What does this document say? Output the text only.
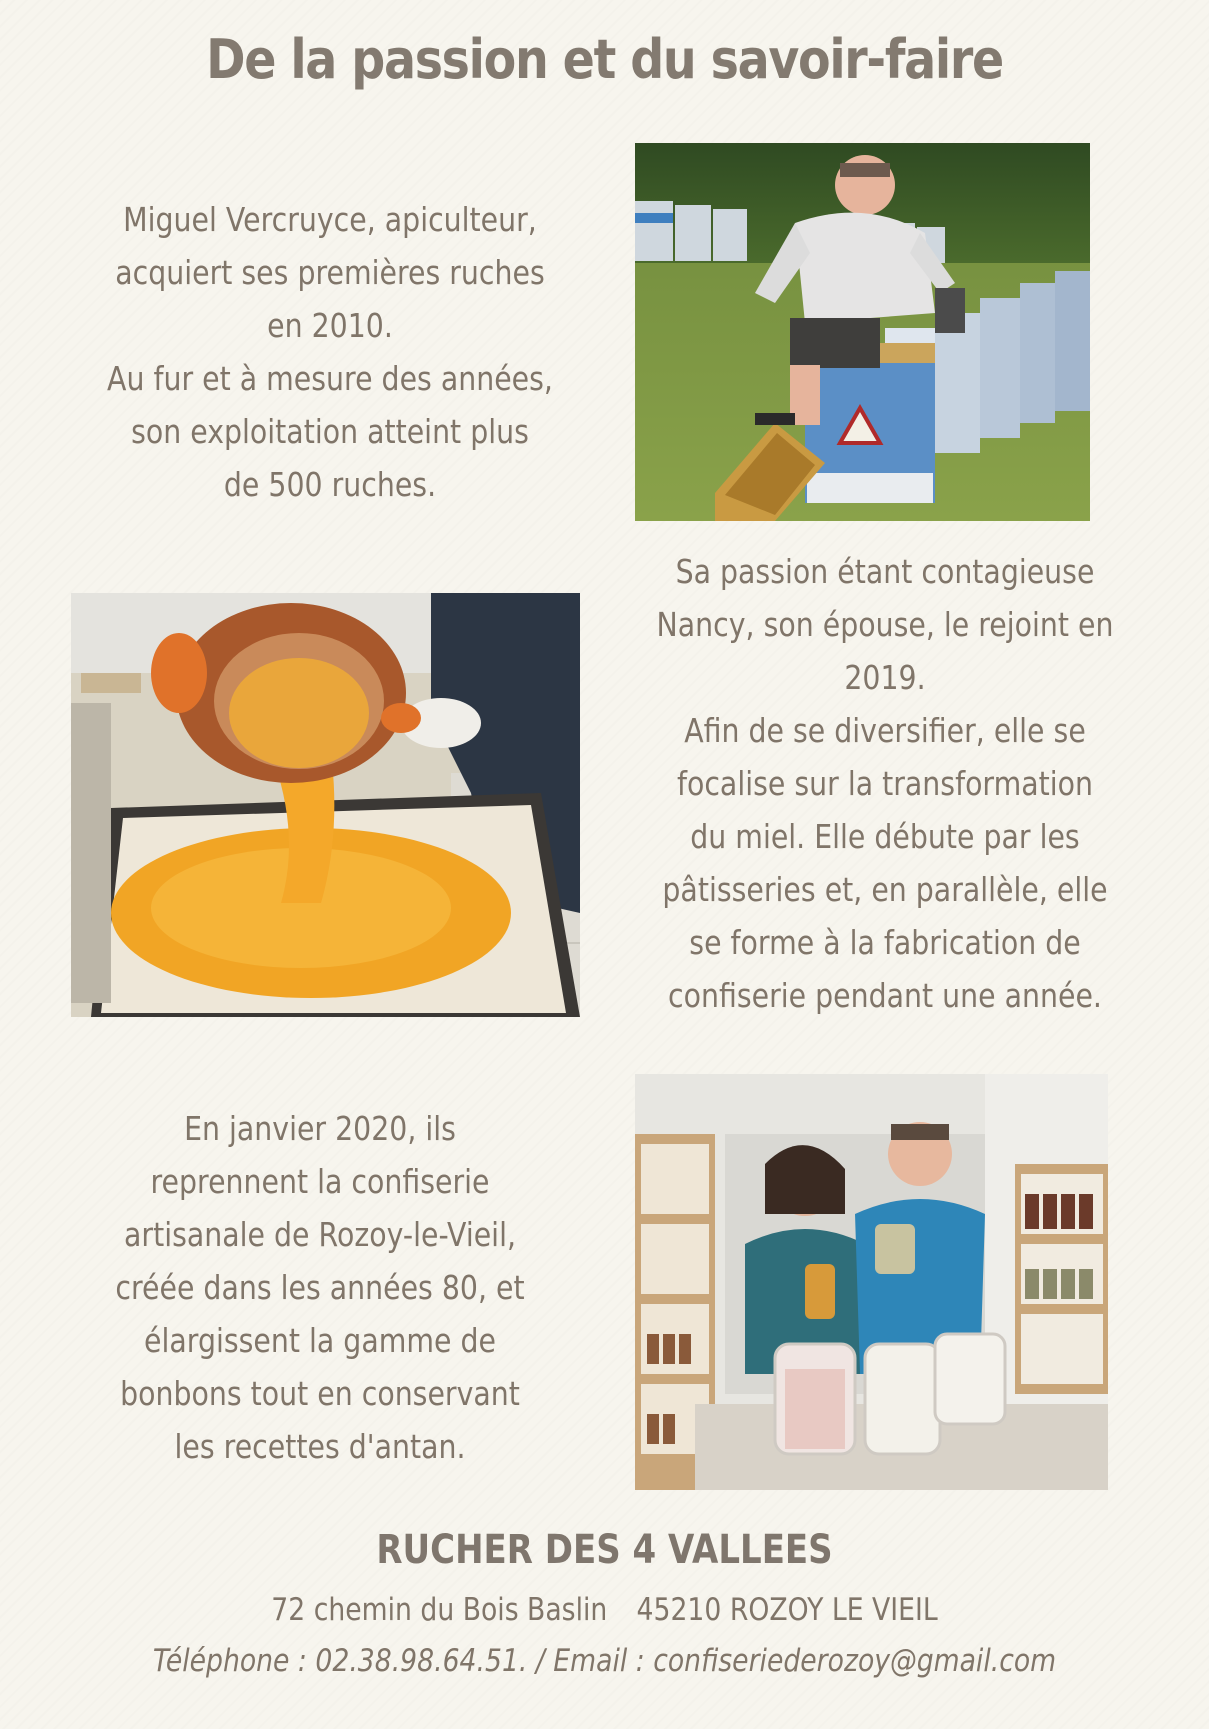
De la passion et du savoir-faire
Miguel Vercruyce, apiculteur,
acquiert ses premières ruches
en 2010.
Au fur et à mesure des années,
son exploitation atteint plus
de 500 ruches.
Sa passion étant contagieuse
Nancy, son épouse, le rejoint en
2019.
Afin de se diversifier, elle se
focalise sur la transformation
du miel. Elle débute par les
pâtisseries et, en parallèle, elle
se forme à la fabrication de
confiserie pendant une année.
En janvier 2020, ils
reprennent la confiserie
artisanale de Rozoy-le-Vieil,
créée dans les années 80, et
élargissent la gamme de
bonbons tout en conservant
les recettes d'antan.
RUCHER DES 4 VALLEES
72 chemin du Bois Baslin 45210 ROZOY LE VIEIL
Téléphone : 02.38.98.64.51. / Email : confiseriederozoy@gmail.com
